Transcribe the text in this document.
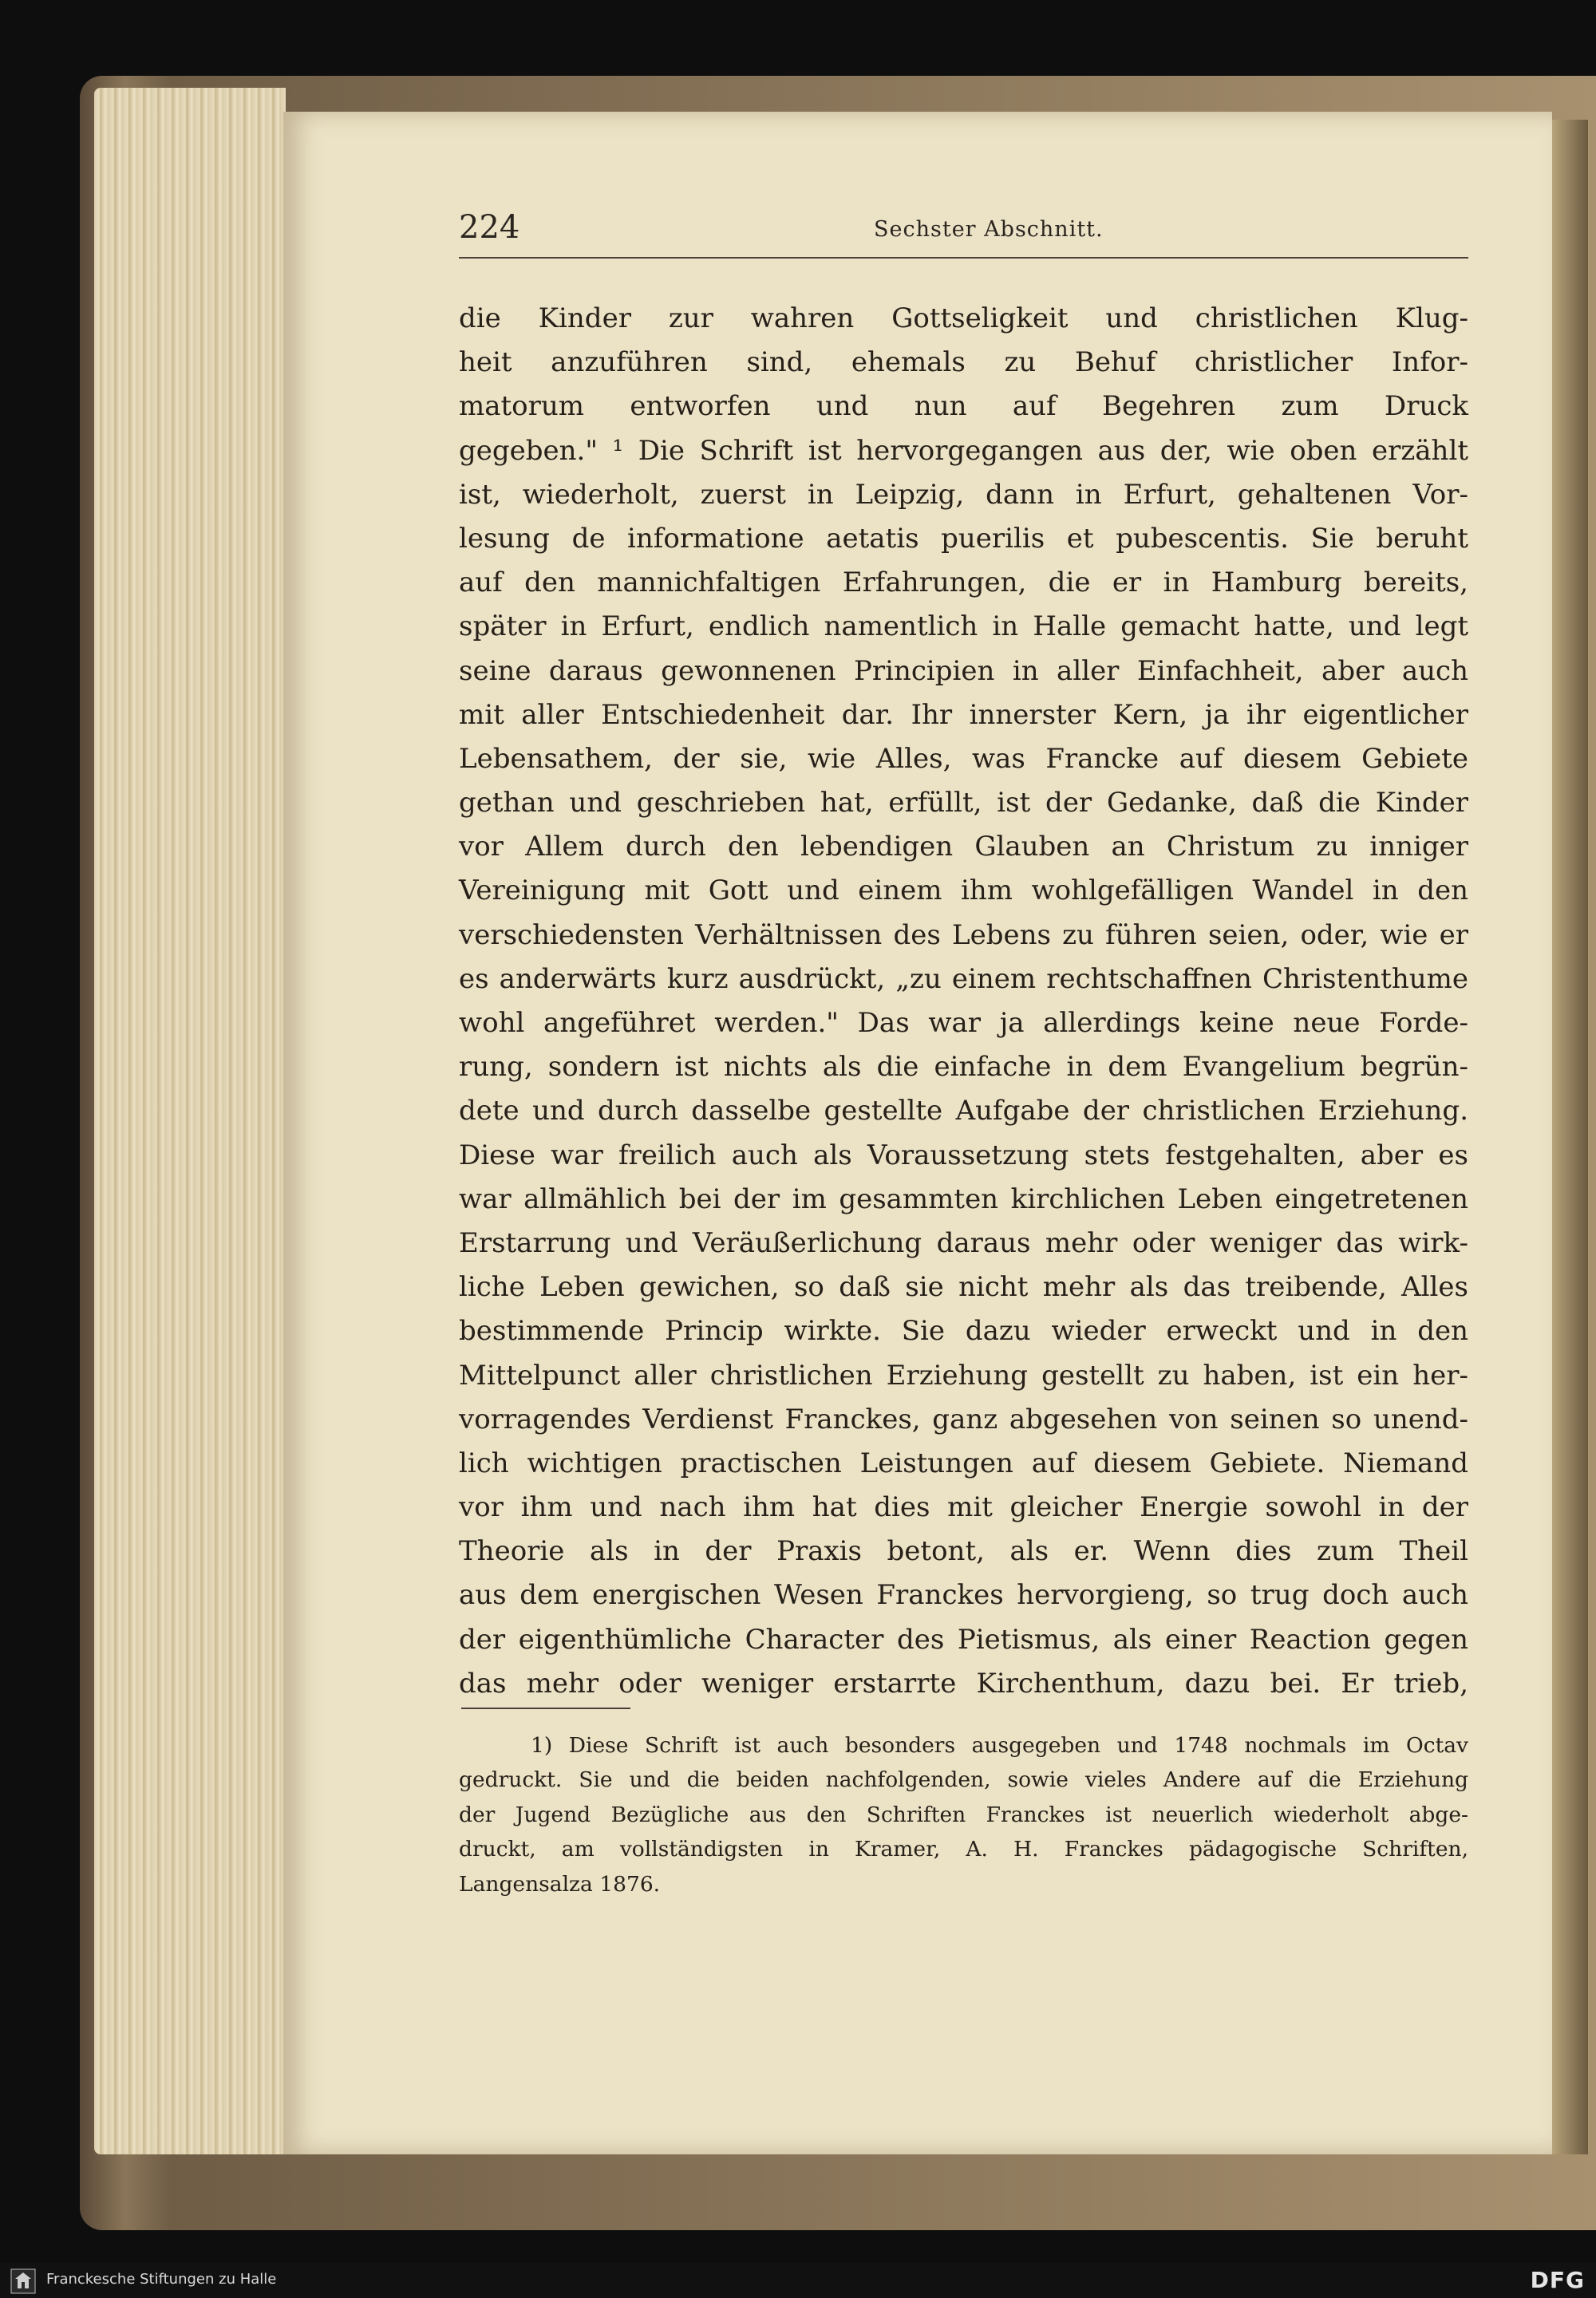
224	Sechster Abschnitt.
die Kinder zur wahren Gottseligkeit und christlichen Klug-
heit anzuführen sind, ehemals zu Behuf christlicher Infor-
matorum entworfen und nun auf Begehren zum Druck
gegeben." ¹ Die Schrift ist hervorgegangen aus der, wie oben erzählt
ist, wiederholt, zuerst in Leipzig, dann in Erfurt, gehaltenen Vor-
lesung de informatione aetatis puerilis et pubescentis. Sie beruht
auf den mannichfaltigen Erfahrungen, die er in Hamburg bereits,
später in Erfurt, endlich namentlich in Halle gemacht hatte, und legt
seine daraus gewonnenen Principien in aller Einfachheit, aber auch
mit aller Entschiedenheit dar. Ihr innerster Kern, ja ihr eigentlicher
Lebensathem, der sie, wie Alles, was Francke auf diesem Gebiete
gethan und geschrieben hat, erfüllt, ist der Gedanke, daß die Kinder
vor Allem durch den lebendigen Glauben an Christum zu inniger
Vereinigung mit Gott und einem ihm wohlgefälligen Wandel in den
verschiedensten Verhältnissen des Lebens zu führen seien, oder, wie er
es anderwärts kurz ausdrückt, „zu einem rechtschaffnen Christenthume
wohl angeführet werden." Das war ja allerdings keine neue Forde-
rung, sondern ist nichts als die einfache in dem Evangelium begrün-
dete und durch dasselbe gestellte Aufgabe der christlichen Erziehung.
Diese war freilich auch als Voraussetzung stets festgehalten, aber es
war allmählich bei der im gesammten kirchlichen Leben eingetretenen
Erstarrung und Veräußerlichung daraus mehr oder weniger das wirk-
liche Leben gewichen, so daß sie nicht mehr als das treibende, Alles
bestimmende Princip wirkte. Sie dazu wieder erweckt und in den
Mittelpunct aller christlichen Erziehung gestellt zu haben, ist ein her-
vorragendes Verdienst Franckes, ganz abgesehen von seinen so unend-
lich wichtigen practischen Leistungen auf diesem Gebiete. Niemand
vor ihm und nach ihm hat dies mit gleicher Energie sowohl in der
Theorie als in der Praxis betont, als er. Wenn dies zum Theil
aus dem energischen Wesen Franckes hervorgieng, so trug doch auch
der eigenthümliche Character des Pietismus, als einer Reaction gegen
das mehr oder weniger erstarrte Kirchenthum, dazu bei. Er trieb,
1) Diese Schrift ist auch besonders ausgegeben und 1748 nochmals im Octav
gedruckt. Sie und die beiden nachfolgenden, sowie vieles Andere auf die Erziehung
der Jugend Bezügliche aus den Schriften Franckes ist neuerlich wiederholt abge-
druckt, am vollständigsten in Kramer, A. H. Franckes pädagogische Schriften,
Langensalza 1876.
Franckesche Stiftungen zu Halle	DFG
